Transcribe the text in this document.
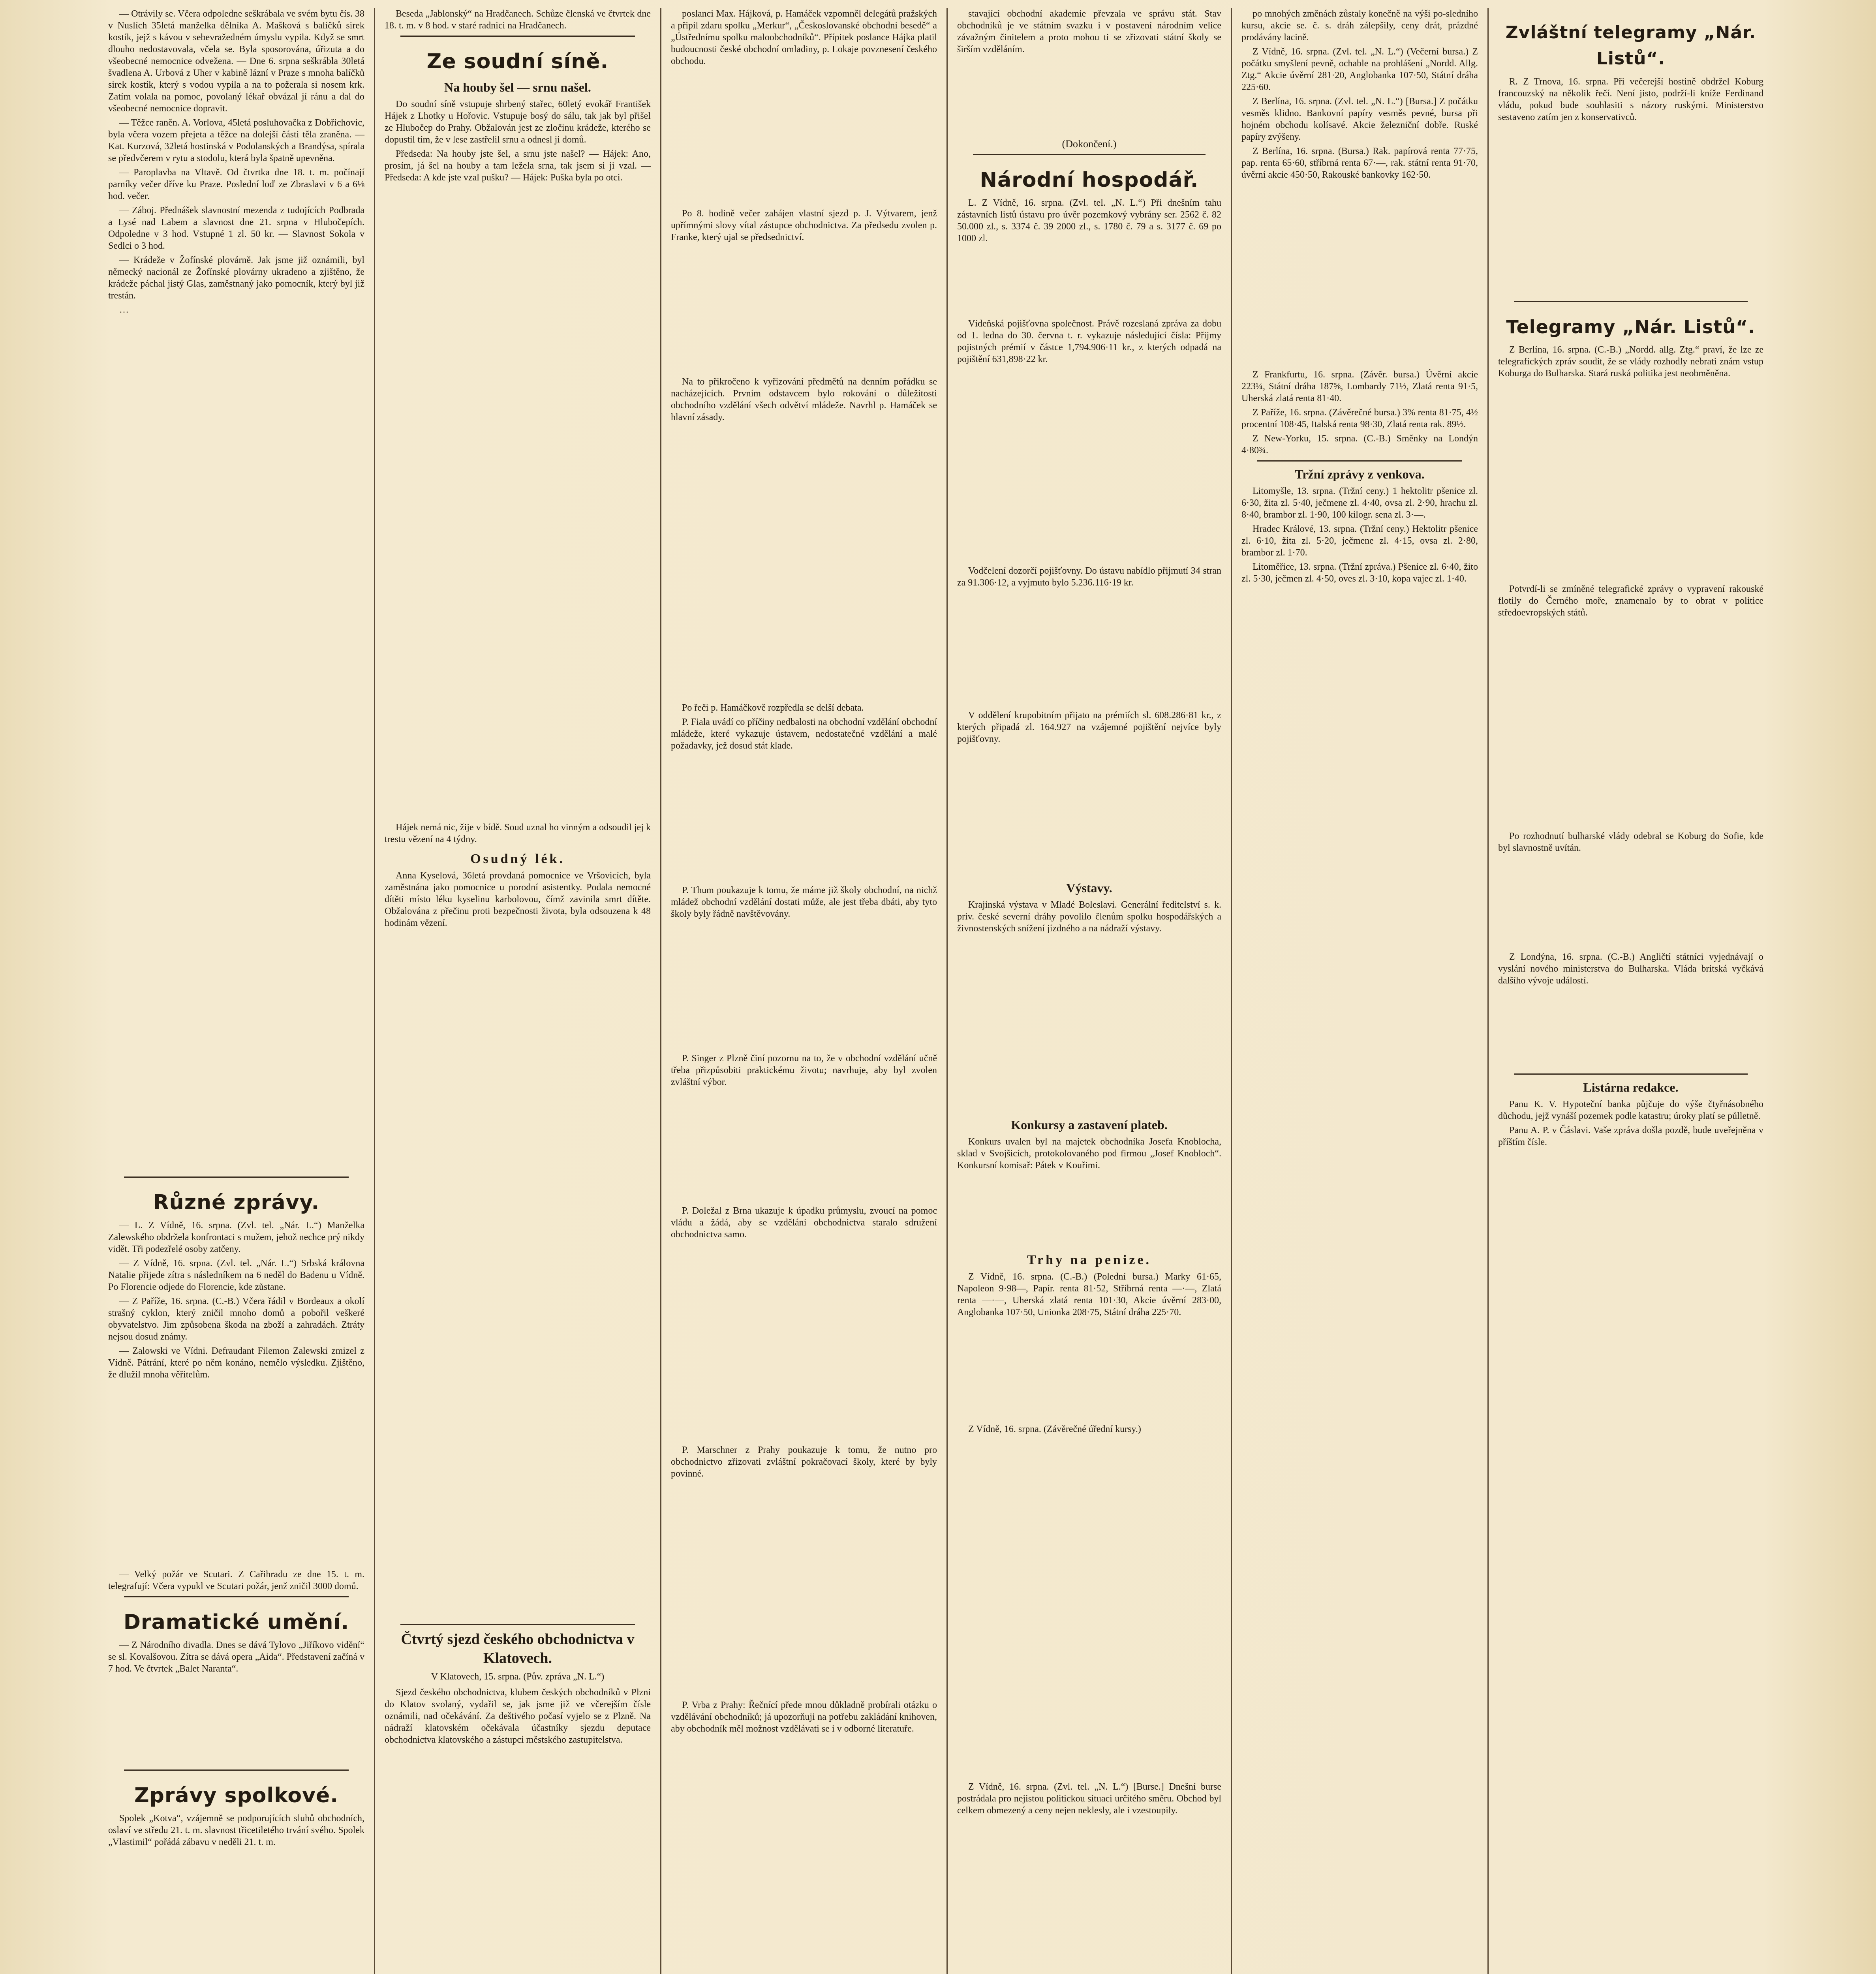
— Otrávily se. Včera odpoledne seškrábala ve svém bytu čís. 38 v Nuslích 35letá manželka dělníka A. Mašková s balíčků sirek kostík, jejž s kávou v sebevražedném úmyslu vypila. Když se smrt dlouho nedostavovala, včela se. Byla sposorována, úřizuta a do všeobecné nemocnice odvežena. — Dne 6. srpna seškrábla 30letá švadlena A. Urbová z Uher v kabině lázní v Praze s mnoha balíčků sirek kostík, který s vodou vypila a na to požerala si nosem krk. Zatím volala na pomoc, povolaný lékař obvázal jí ránu a dal do všeobecné nemocnice dopravit.

— Těžce raněn. A. Vorlova, 45letá posluhovačka z Dobřichovic, byla včera vozem přejeta a těžce na dolejší části těla zraněna. — Kat. Kurzová, 32letá hostinská v Podolanských a Brandýsa, spírala se předvčerem v rytu a stodolu, která byla špatně upevněna.

— Paroplavba na Vltavě. Od čtvrtka dne 18. t. m. počínají parníky večer dříve ku Praze. Poslední loď ze Zbraslavi v 6 a 6⅛ hod. večer.

— Záboj. Přednášek slavnostní mezenda z tudojících Podbrada a Lysé nad Labem a slavnost dne 21. srpna v Hlubočepích. Odpoledne v 3 hod. Vstupné 1 zl. 50 kr. — Slavnost Sokola v Sedlci o 3 hod.

— Krádeže v Žofínské plovárně. Jak jsme již oznámili, byl německý nacionál ze Žofínské plovárny ukradeno a zjištěno, že krádeže páchal jistý Glas, zaměstnaný jako pomocník, který byl již trestán.

…

Různé zprávy.

— L. Z Vídně, 16. srpna. (Zvl. tel. „Nár. L.“) Manželka Zalewského obdržela konfrontaci s mužem, jehož nechce prý nikdy vidět. Tři podezřelé osoby zatčeny.

— Z Vídně, 16. srpna. (Zvl. tel. „Nár. L.“) Srbská královna Natalie přijede zítra s následníkem na 6 neděl do Badenu u Vídně. Po Florencie odjede do Florencie, kde zůstane.

— Z Paříže, 16. srpna. (C.-B.) Včera řádil v Bordeaux a okolí strašný cyklon, který zničil mnoho domů a pobořil veškeré obyvatelstvo. Jim způsobena škoda na zboží a zahradách. Ztráty nejsou dosud známy.

— Zalowski ve Vídni. Defraudant Filemon Zalewski zmizel z Vídně. Pátrání, které po něm konáno, nemělo výsledku. Zjištěno, že dlužil mnoha věřitelům.

— Velký požár ve Scutari. Z Cařihradu ze dne 15. t. m. telegrafují: Včera vypukl ve Scutari požár, jenž zničil 3000 domů.

Dramatické umění.

— Z Národního divadla. Dnes se dává Tylovo „Jiříkovo vidění“ se sl. Kovalšovou. Zítra se dává opera „Aida“. Představení začíná v 7 hod. Ve čtvrtek „Balet Naranta“.

Zprávy spolkové.

Spolek „Kotva“, vzájemně se podporujících sluhů obchodních, oslaví ve středu 21. t. m. slavnost třicetiletého trvání svého. Spolek „Vlastimil“ pořádá zábavu v neděli 21. t. m.

Beseda „Jablonský“ na Hradčanech. Schůze členská ve čtvrtek dne 18. t. m. v 8 hod. v staré radnici na Hradčanech.

Ze soudní síně.
Na houby šel — srnu našel.

Do soudní síně vstupuje shrbený stařec, 60letý evokář František Hájek z Lhotky u Hořovic. Vstupuje bosý do sálu, tak jak byl přišel ze Hlubočep do Prahy. Obžalován jest ze zločinu krádeže, kterého se dopustil tím, že v lese zastřelil srnu a odnesl ji domů.

Předseda: Na houby jste šel, a srnu jste našel? — Hájek: Ano, prosím, já šel na houby a tam ležela srna, tak jsem si ji vzal. — Předseda: A kde jste vzal pušku? — Hájek: Puška byla po otci.

Hájek nemá nic, žije v bídě. Soud uznal ho vinným a odsoudil jej k trestu vězení na 4 týdny.

Osudný lék.

Anna Kyselová, 36letá provdaná pomocnice ve Vršovicích, byla zaměstnána jako pomocnice u porodní asistentky. Podala nemocné dítěti místo léku kyselinu karbolovou, čímž zavinila smrt dítěte. Obžalována z přečinu proti bezpečnosti života, byla odsouzena k 48 hodinám vězení.

Čtvrtý sjezd českého obchodnictva v Klatovech.
V Klatovech, 15. srpna. (Pův. zpráva „N. L.“)

Sjezd českého obchodnictva, klubem českých obchodníků v Plzni do Klatov svolaný, vydařil se, jak jsme již ve včerejším čísle oznámili, nad očekávání. Za deštivého počasí vyjelo se z Plzně. Na nádraží klatovském očekávala účastníky sjezdu deputace obchodnictva klatovského a zástupci městského zastupitelstva.

poslanci Max. Hájková, p. Hamáček vzpomněl delegátů pražských a připil zdaru spolku „Merkur“, „Českoslovanské obchodní besedě“ a „Ústřednímu spolku maloobchodníků“. Přípitek poslance Hájka platil budoucnosti české obchodní omladiny, p. Lokaje povznesení českého obchodu.

Po 8. hodině večer zahájen vlastní sjezd p. J. Výtvarem, jenž upřímnými slovy vítal zástupce obchodnictva. Za předsedu zvolen p. Franke, který ujal se předsednictví.

Na to přikročeno k vyřizování předmětů na denním pořádku se nacházejících. Prvním odstavcem bylo rokování o důležitosti obchodního vzdělání všech odvětví mládeže. Navrhl p. Hamáček se hlavní zásady.

Po řeči p. Hamáčkově rozpředla se delší debata.

P. Fiala uvádí co příčiny nedbalosti na obchodní vzdělání obchodní mládeže, které vykazuje ústavem, nedostatečné vzdělání a malé požadavky, jež dosud stát klade.

P. Thum poukazuje k tomu, že máme již školy obchodní, na nichž mládež obchodní vzdělání dostati může, ale jest třeba dbáti, aby tyto školy byly řádně navštěvovány.

P. Singer z Plzně činí pozornu na to, že v obchodní vzdělání učně třeba přizpůsobiti praktickému životu; navrhuje, aby byl zvolen zvláštní výbor.

P. Doležal z Brna ukazuje k úpadku průmyslu, zvoucí na pomoc vládu a žádá, aby se vzdělání obchodnictva staralo sdružení obchodnictva samo.

P. Marschner z Prahy poukazuje k tomu, že nutno pro obchodnictvo zřizovati zvláštní pokračovací školy, které by byly povinné.

P. Vrba z Prahy: Řečnící přede mnou důkladně probírali otázku o vzdělávání obchodníků; já upozorňuji na potřebu zakládání knihoven, aby obchodník měl možnost vzdělávati se i v odborné literatuře.

stavající obchodní akademie převzala ve správu stát. Stav obchodníků je ve státním svazku i v postavení národním velice závažným činitelem a proto mohou ti se zřizovati státní školy se širším vzděláním.

(Dokončení.)
Národní hospodář.

L. Z Vídně, 16. srpna. (Zvl. tel. „N. L.“) Při dnešním tahu zástavních listů ústavu pro úvěr pozemkový vybrány ser. 2562 č. 82 50.000 zl., s. 3374 č. 39 2000 zl., s. 1780 č. 79 a s. 3177 č. 69 po 1000 zl.

Vídeňská pojišťovna společnost. Právě rozeslaná zpráva za dobu od 1. ledna do 30. června t. r. vykazuje následující čísla: Přijmy pojistných prémií v částce 1,794.906·11 kr., z kterých odpadá na pojištění 631,898·22 kr.

Vodčelení dozorčí pojišťovny. Do ústavu nabídlo přijmutí 34 stran za 91.306·12, a vyjmuto bylo 5.236.116·19 kr.

V oddělení krupobitním přijato na prémiích sl. 608.286·81 kr., z kterých připadá zl. 164.927 na vzájemné pojištění nejvíce byly pojišťovny.

Výstavy.

Krajinská výstava v Mladé Boleslavi. Generální ředitelství s. k. priv. české severní dráhy povolilo členům spolku hospodářských a živnostenských snížení jízdného a na nádraží výstavy.

Konkursy a zastavení plateb.

Konkurs uvalen byl na majetek obchodníka Josefa Knoblocha, sklad v Svojšicích, protokolovaného pod firmou „Josef Knobloch“. Konkursní komisař: Pátek v Kouřimi.

Trhy na penize.

Z Vídně, 16. srpna. (C.-B.) (Polední bursa.) Marky 61·65, Napoleon 9·98—, Papír. renta 81·52, Stříbrná renta —·—, Zlatá renta —·—, Uherská zlatá renta 101·30, Akcie úvěrní 283·00, Anglobanka 107·50, Unionka 208·75, Státní dráha 225·70.

Z Vídně, 16. srpna. (Závěrečné úřední kursy.)

Z Vídně, 16. srpna. (Zvl. tel. „N. L.“) [Burse.] Dnešní burse postrádala pro nejistou politickou situaci určitého směru. Obchod byl celkem obmezený a ceny nejen neklesly, ale i vzestoupily.

po mnohých změnách zůstaly konečně na výši po-sledního kursu, akcie se. č. s. dráh zálepšily, ceny drát, prázdné prodávány lacině.

Z Vídně, 16. srpna. (Zvl. tel. „N. L.“) (Večerní bursa.) Z počátku smyšlení pevně, ochable na prohlášení „Nordd. Allg. Ztg.“ Akcie úvěrní 281·20, Anglobanka 107·50, Státní dráha 225·60.

Z Berlína, 16. srpna. (Zvl. tel. „N. L.“) [Bursa.] Z počátku vesměs klidno. Bankovní papíry vesměs pevné, bursa při hojném obchodu kolísavé. Akcie železniční dobře. Ruské papíry zvýšeny.

Z Berlína, 16. srpna. (Bursa.) Rak. papírová renta 77·75, pap. renta 65·60, stříbrná renta 67·—, rak. státní renta 91·70, úvěrní akcie 450·50, Rakouské bankovky 162·50.

Z Frankfurtu, 16. srpna. (Závěr. bursa.) Úvěrní akcie 223¼, Státní dráha 187⅝, Lombardy 71½, Zlatá renta 91·5, Uherská zlatá renta 81·40.

Z Paříže, 16. srpna. (Závěrečné bursa.) 3% renta 81·75, 4½ procentní 108·45, Italská renta 98·30, Zlatá renta rak. 89½.

Z New-Yorku, 15. srpna. (C.-B.) Směnky na Londýn 4·80¾.

Tržní zprávy z venkova.

Litomyšle, 13. srpna. (Tržní ceny.) 1 hektolitr pšenice zl. 6·30, žita zl. 5·40, ječmene zl. 4·40, ovsa zl. 2·90, hrachu zl. 8·40, brambor zl. 1·90, 100 kilogr. sena zl. 3·—.

Hradec Králové, 13. srpna. (Tržní ceny.) Hektolitr pšenice zl. 6·10, žita zl. 5·20, ječmene zl. 4·15, ovsa zl. 2·80, brambor zl. 1·70.

Litoměřice, 13. srpna. (Tržní zpráva.) Pšenice zl. 6·40, žito zl. 5·30, ječmen zl. 4·50, oves zl. 3·10, kopa vajec zl. 1·40.

Zvláštní telegramy „Nár. Listů“.

R. Z Trnova, 16. srpna. Při večerejší hostině obdržel Koburg francouzský na několik řečí. Není jisto, podrží-li kníže Ferdinand vládu, pokud bude souhlasiti s názory ruskými. Ministerstvo sestaveno zatím jen z konservativců.

Telegramy „Nár. Listů“.

Z Berlína, 16. srpna. (C.-B.) „Nordd. allg. Ztg.“ praví, že lze ze telegrafických zpráv soudit, že se vlády rozhodly nebrati znám vstup Koburga do Bulharska. Stará ruská politika jest neobměněna.

Potvrdí-li se zmíněné telegrafické zprávy o vypravení rakouské flotily do Černého moře, znamenalo by to obrat v politice středoevropských států.

Po rozhodnutí bulharské vlády odebral se Koburg do Sofie, kde byl slavnostně uvítán.

Z Londýna, 16. srpna. (C.-B.) Angličtí státníci vyjednávají o vyslání nového ministerstva do Bulharska. Vláda britská vyčkává dalšího vývoje událostí.

Listárna redakce.

Panu K. V. Hypoteční banka půjčuje do výše čtyřnásobného důchodu, jejž vynáší pozemek podle katastru; úroky platí se půlletně.

Panu A. P. v Čáslavi. Vaše zpráva došla pozdě, bude uveřejněna v příštím čísle.
